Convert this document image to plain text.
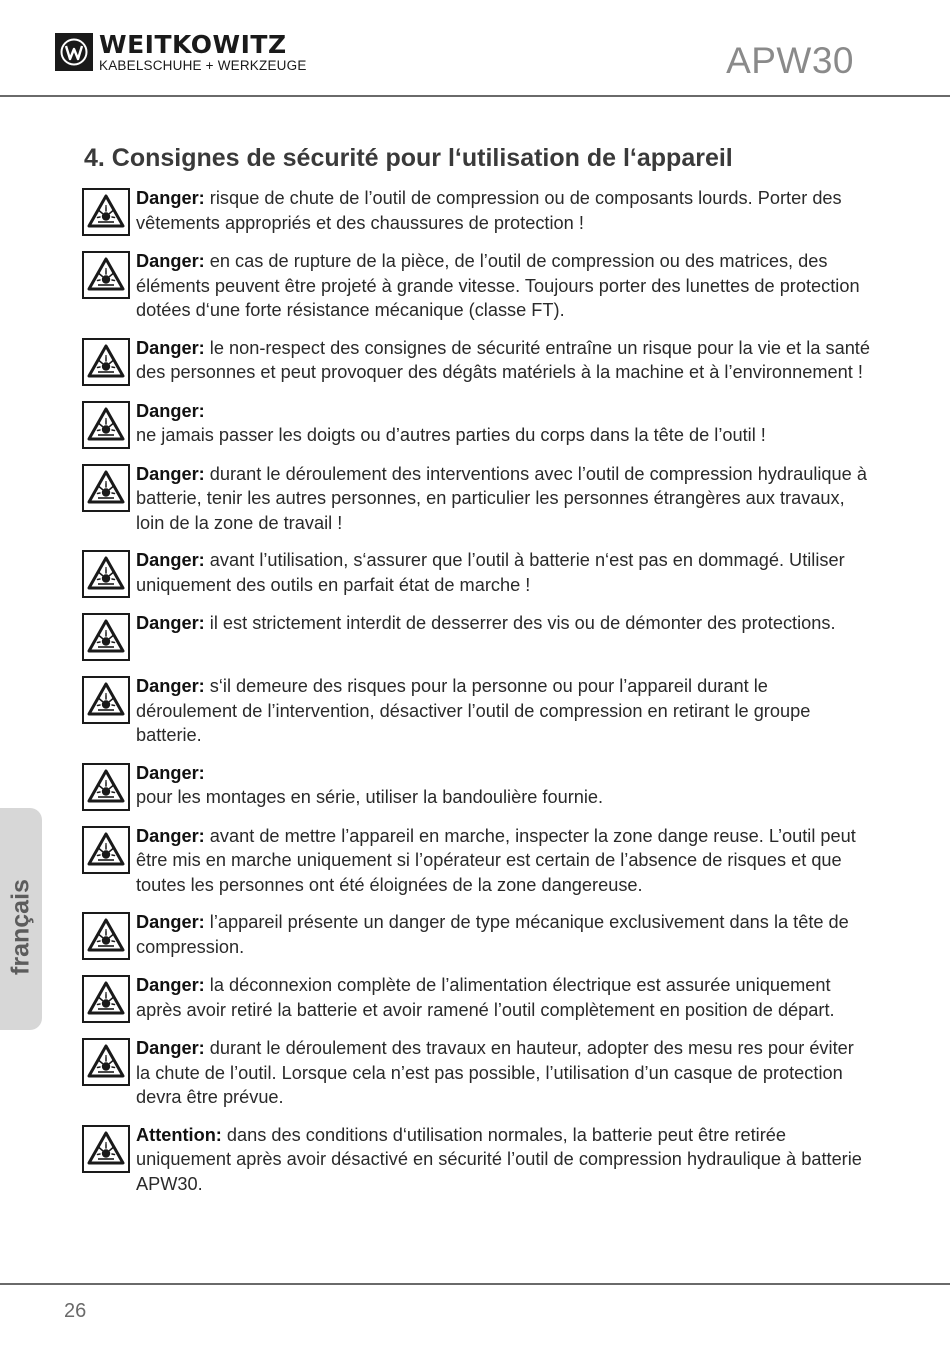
WEITKOWITZ
KABELSCHUHE + WERKZEUGE	APW30
4. Consignes de sécurité pour l‘utilisation de l‘appareil
Danger: risque de chute de l’outil de compression ou de composants lourds. Porter des vêtements appropriés et des chaussures de protection !
Danger: en cas de rupture de la pièce, de l’outil de compression ou des matrices, des éléments peuvent être projeté à grande vitesse. Toujours porter des lunettes de protection dotées d‘une forte résistance mécanique (classe FT).
Danger: le non-respect des consignes de sécurité entraîne un risque pour la vie et la santé des personnes et peut provoquer des dégâts matériels à la machine et à l’environnement !
Danger:
ne jamais passer les doigts ou d’autres parties du corps dans la tête de l’outil !
Danger: durant le déroulement des interventions avec l’outil de compression hydraulique à batterie, tenir les autres personnes, en particulier les personnes étrangères aux travaux, loin de la zone de travail !
Danger: avant l’utilisation, s‘assurer que l’outil à batterie n‘est pas en dommagé. Utiliser uniquement des outils en parfait état de marche !
Danger: il est strictement interdit de desserrer des vis ou de démonter des protections.
Danger: s‘il demeure des risques pour la personne ou pour l’appareil durant le déroulement de l’intervention, désactiver l’outil de compression en retirant le groupe batterie.
Danger:
pour les montages en série, utiliser la bandoulière fournie.
Danger: avant de mettre l’appareil en marche, inspecter la zone dange reuse. L’outil peut être mis en marche uniquement si l’opérateur est certain de l’absence de risques et que toutes les personnes ont été éloignées de la zone dangereuse.
Danger: l’appareil présente un danger de type mécanique exclusivement dans la tête de compression.
Danger: la déconnexion complète de l’alimentation électrique est assurée uniquement après avoir retiré la batterie et avoir ramené l’outil complètement en position de départ.
Danger: durant le déroulement des travaux en hauteur, adopter des mesu res pour éviter la chute de l’outil. Lorsque cela n’est pas possible, l’utilisation d’un casque de protection devra être prévue.
Attention: dans des conditions d‘utilisation normales, la batterie peut être retirée uniquement après avoir désactivé en sécurité l’outil de compression hydraulique à batterie APW30.
français
26
